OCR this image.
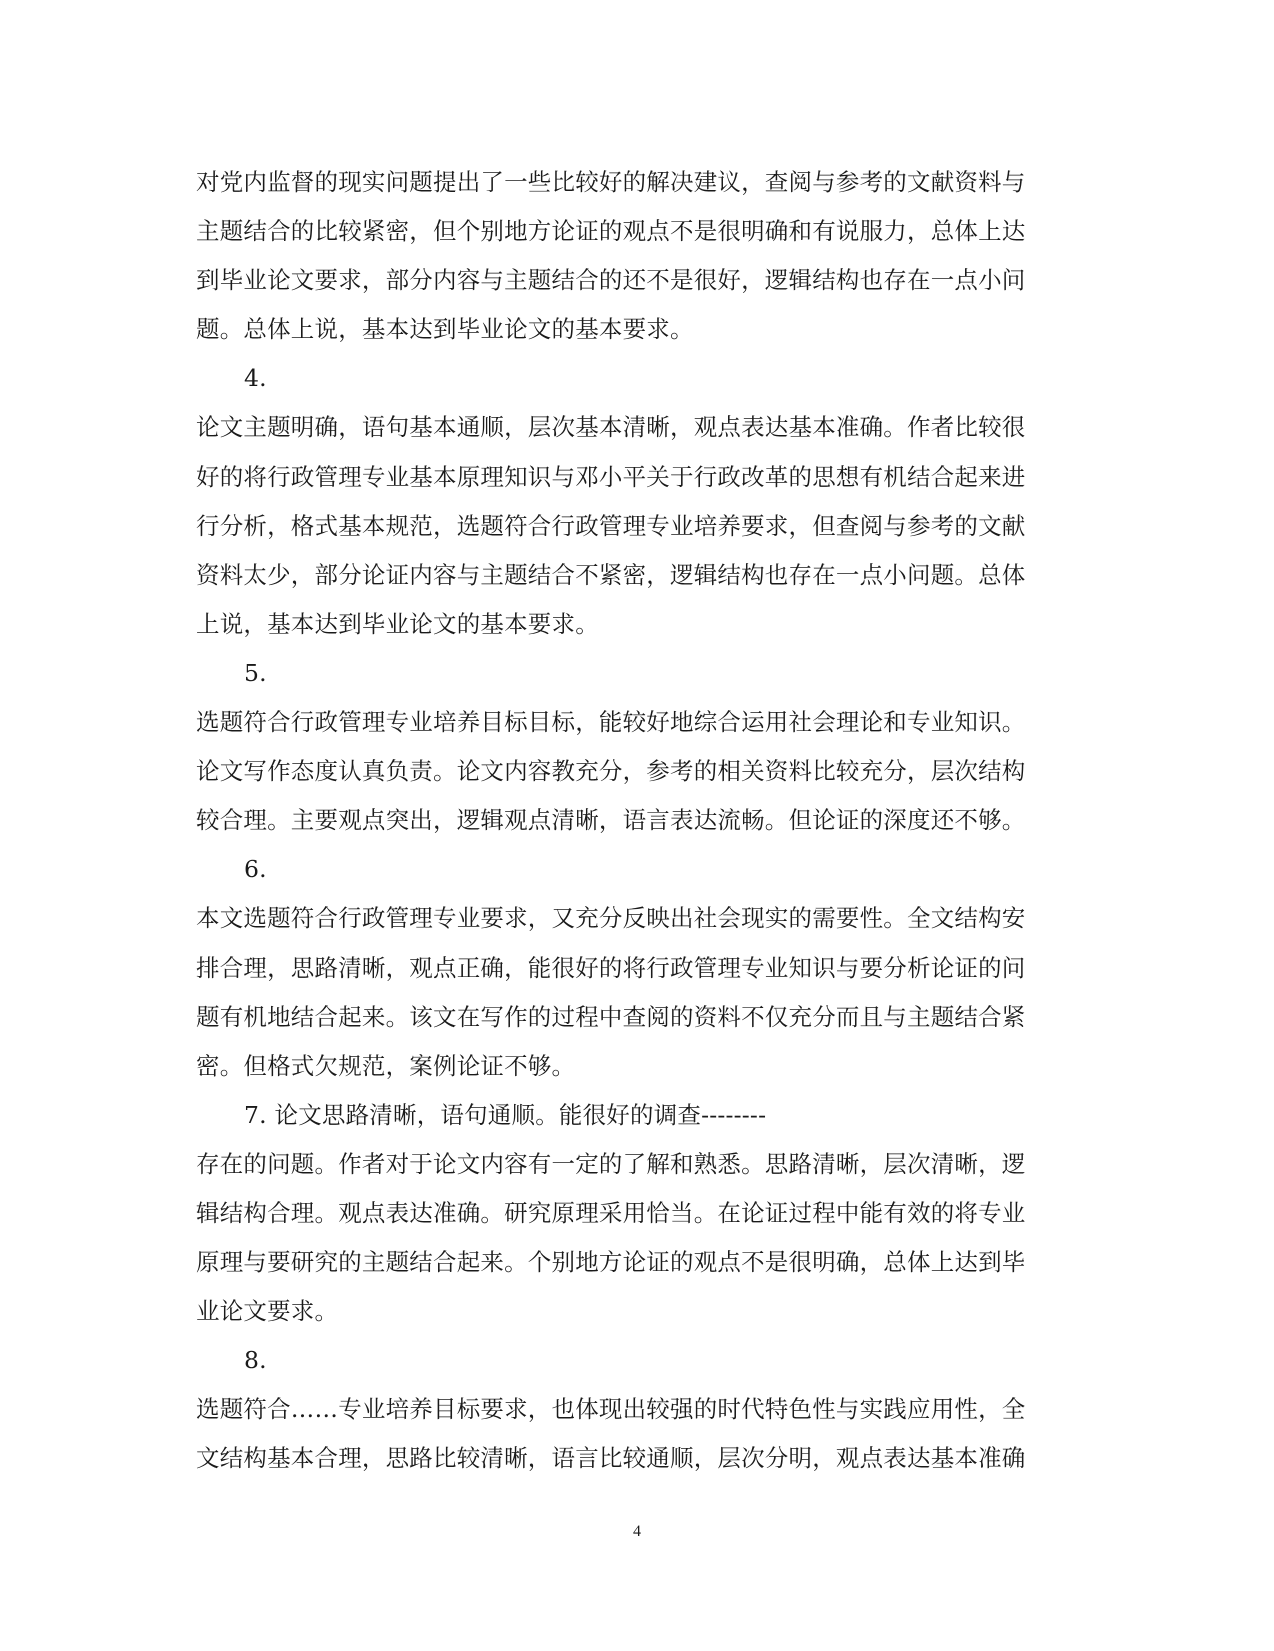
对党内监督的现实问题提出了一些比较好的解决建议，查阅与参考的文献资料与
主题结合的比较紧密，但个别地方论证的观点不是很明确和有说服力，总体上达
到毕业论文要求，部分内容与主题结合的还不是很好，逻辑结构也存在一点小问
题。总体上说，基本达到毕业论文的基本要求。
4.
论文主题明确，语句基本通顺，层次基本清晰，观点表达基本准确。作者比较很
好的将行政管理专业基本原理知识与邓小平关于行政改革的思想有机结合起来进
行分析，格式基本规范，选题符合行政管理专业培养要求，但查阅与参考的文献
资料太少，部分论证内容与主题结合不紧密，逻辑结构也存在一点小问题。总体
上说，基本达到毕业论文的基本要求。
5.
选题符合行政管理专业培养目标目标，能较好地综合运用社会理论和专业知识。
论文写作态度认真负责。论文内容教充分，参考的相关资料比较充分，层次结构
较合理。主要观点突出，逻辑观点清晰，语言表达流畅。但论证的深度还不够。
6.
本文选题符合行政管理专业要求，又充分反映出社会现实的需要性。全文结构安
排合理，思路清晰，观点正确，能很好的将行政管理专业知识与要分析论证的问
题有机地结合起来。该文在写作的过程中查阅的资料不仅充分而且与主题结合紧
密。但格式欠规范，案例论证不够。
7. 论文思路清晰，语句通顺。能很好的调查--------
存在的问题。作者对于论文内容有一定的了解和熟悉。思路清晰，层次清晰，逻
辑结构合理。观点表达准确。研究原理采用恰当。在论证过程中能有效的将专业
原理与要研究的主题结合起来。个别地方论证的观点不是很明确，总体上达到毕
业论文要求。
8.
选题符合……专业培养目标要求，也体现出较强的时代特色性与实践应用性，全
文结构基本合理，思路比较清晰，语言比较通顺，层次分明，观点表达基本准确
4
